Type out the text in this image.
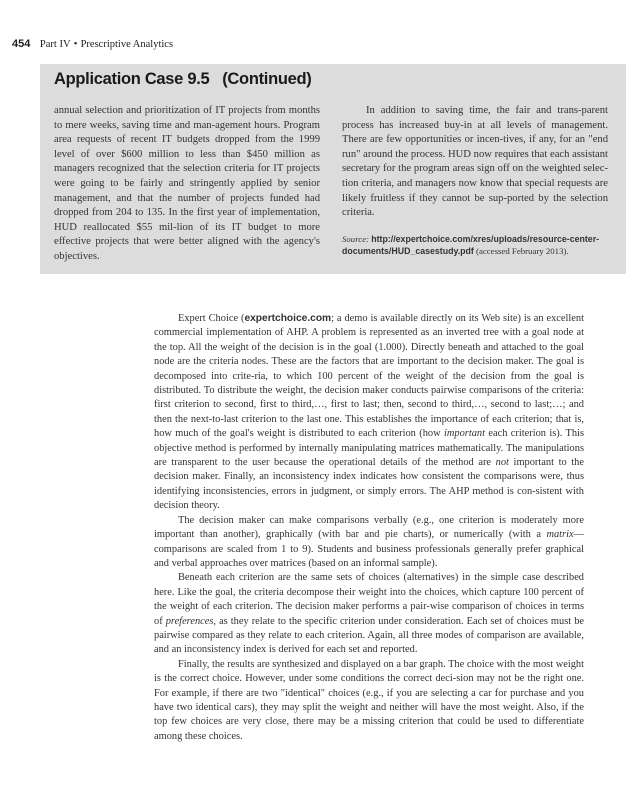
454 Part IV • Prescriptive Analytics
Application Case 9.5   (Continued)

annual selection and prioritization of IT projects from months to mere weeks, saving time and man-agement hours. Program area requests of recent IT budgets dropped from the 1999 level of over $600 million to less than $450 million as managers recognized that the selection criteria for IT projects were going to be fairly and stringently applied by senior management, and that the number of projects funded had dropped from 204 to 135. In the first year of implementation, HUD reallocated $55 mil-lion of its IT budget to more effective projects that were better aligned with the agency's objectives.

In addition to saving time, the fair and trans-parent process has increased buy-in at all levels of management. There are few opportunities or incen-tives, if any, for an "end run" around the process. HUD now requires that each assistant secretary for the program areas sign off on the weighted selec-tion criteria, and managers now know that special requests are likely fruitless if they cannot be sup-ported by the selection criteria.

Source: http://expertchoice.com/xres/uploads/resource-center-documents/HUD_casestudy.pdf (accessed February 2013).

Expert Choice (expertchoice.com; a demo is available directly on its Web site) is an excellent commercial implementation of AHP. A problem is represented as an inverted tree with a goal node at the top. All the weight of the decision is in the goal (1.000). Directly beneath and attached to the goal node are the criteria nodes. These are the factors that are important to the decision maker. The goal is decomposed into crite-ria, to which 100 percent of the weight of the decision from the goal is distributed. To distribute the weight, the decision maker conducts pairwise comparisons of the criteria: first criterion to second, first to third,…, first to last; then, second to third,…, second to last;…; and then the next-to-last criterion to the last one. This establishes the importance of each criterion; that is, how much of the goal's weight is distributed to each criterion (how important each criterion is). This objective method is performed by internally manipulating matrices mathematically. The manipulations are transparent to the user because the operational details of the method are not important to the decision maker. Finally, an inconsistency index indicates how consistent the comparisons were, thus identifying inconsistencies, errors in judgment, or simply errors. The AHP method is con-sistent with decision theory.

The decision maker can make comparisons verbally (e.g., one criterion is moderately more important than another), graphically (with bar and pie charts), or numerically (with a matrix—comparisons are scaled from 1 to 9). Students and business professionals generally prefer graphical and verbal approaches over matrices (based on an informal sample).

Beneath each criterion are the same sets of choices (alternatives) in the simple case described here. Like the goal, the criteria decompose their weight into the choices, which capture 100 percent of the weight of each criterion. The decision maker performs a pair-wise comparison of choices in terms of preferences, as they relate to the specific criterion under consideration. Each set of choices must be pairwise compared as they relate to each criterion. Again, all three modes of comparison are available, and an inconsistency index is derived for each set and reported.

Finally, the results are synthesized and displayed on a bar graph. The choice with the most weight is the correct choice. However, under some conditions the correct deci-sion may not be the right one. For example, if there are two "identical" choices (e.g., if you are selecting a car for purchase and you have two identical cars), they may split the weight and neither will have the most weight. Also, if the top few choices are very close, there may be a missing criterion that could be used to differentiate among these choices.
